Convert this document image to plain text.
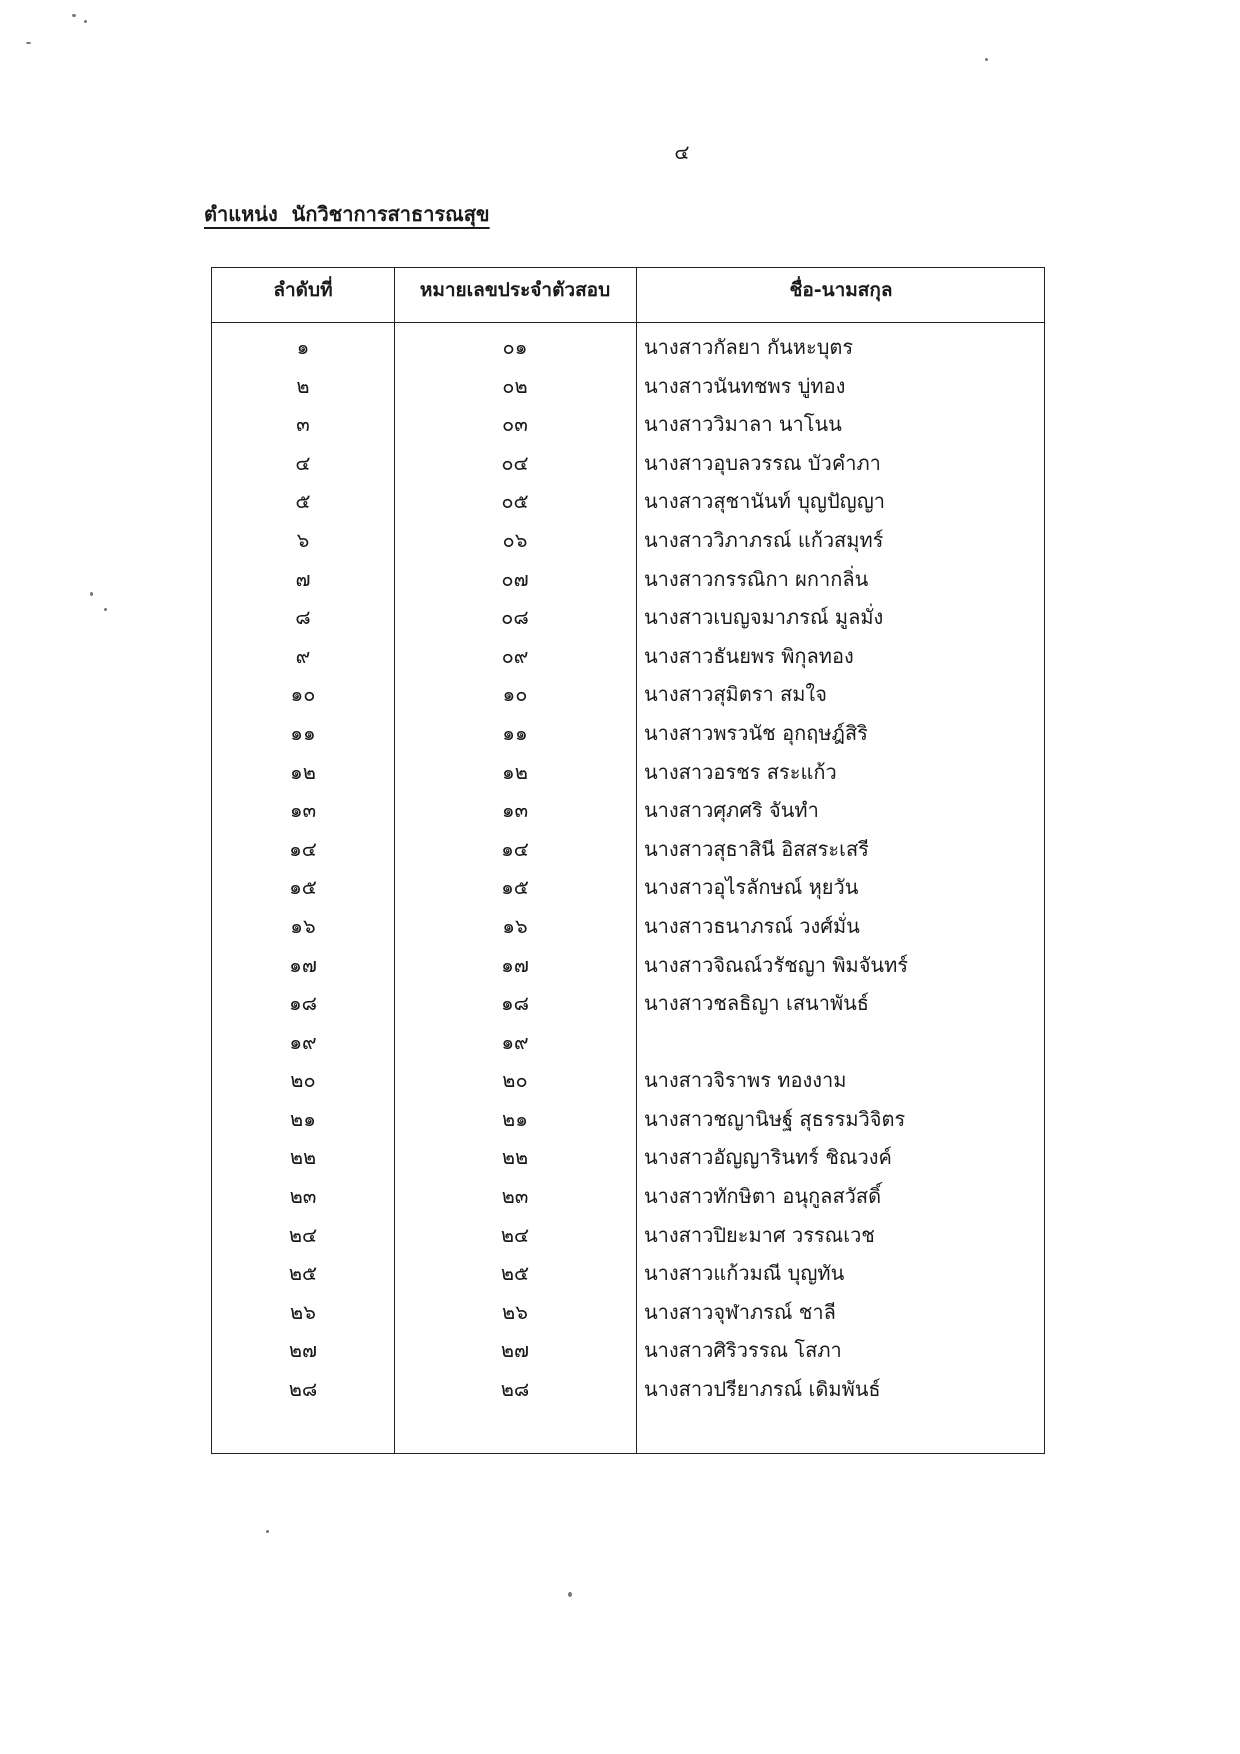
๔
ตำแหน่ง  นักวิชาการสาธารณสุข
ลำดับที่	หมายเลขประจำตัวสอบ	ชื่อ-นามสกุล
๑	๐๑	นางสาวกัลยา กันหะบุตร
๒	๐๒	นางสาวนันทชพร บู่ทอง
๓	๐๓	นางสาววิมาลา นาโนน
๔	๐๔	นางสาวอุบลวรรณ บัวคำภา
๕	๐๕	นางสาวสุชานันท์ บุญปัญญา
๖	๐๖	นางสาววิภาภรณ์ แก้วสมุทร์
๗	๐๗	นางสาวกรรณิกา ผกากลิ่น
๘	๐๘	นางสาวเบญจมาภรณ์ มูลมั่ง
๙	๐๙	นางสาวธันยพร พิกุลทอง
๑๐	๑๐	นางสาวสุมิตรา สมใจ
๑๑	๑๑	นางสาวพรวนัช อุกฤษฎ์สิริ
๑๒	๑๒	นางสาวอรชร สระแก้ว
๑๓	๑๓	นางสาวศุภศริ จันทำ
๑๔	๑๔	นางสาวสุธาสินี อิสสระเสรี
๑๕	๑๕	นางสาวอุไรลักษณ์ หุยวัน
๑๖	๑๖	นางสาวธนาภรณ์ วงศ์มั่น
๑๗	๑๗	นางสาวจิณณ์วรัชญา พิมจันทร์
๑๘	๑๘	นางสาวชลธิญา เสนาพันธ์
๑๙	๑๙
๒๐	๒๐	นางสาวจิราพร ทองงาม
๒๑	๒๑	นางสาวชญานิษฐ์ สุธรรมวิจิตร
๒๒	๒๒	นางสาวอัญญารินทร์ ชิณวงค์
๒๓	๒๓	นางสาวทักษิตา อนุกูลสวัสดิ์
๒๔	๒๔	นางสาวปิยะมาศ วรรณเวช
๒๕	๒๕	นางสาวแก้วมณี บุญทัน
๒๖	๒๖	นางสาวจุฬาภรณ์ ชาลี
๒๗	๒๗	นางสาวศิริวรรณ โสภา
๒๘	๒๘	นางสาวปรียาภรณ์ เดิมพันธ์
